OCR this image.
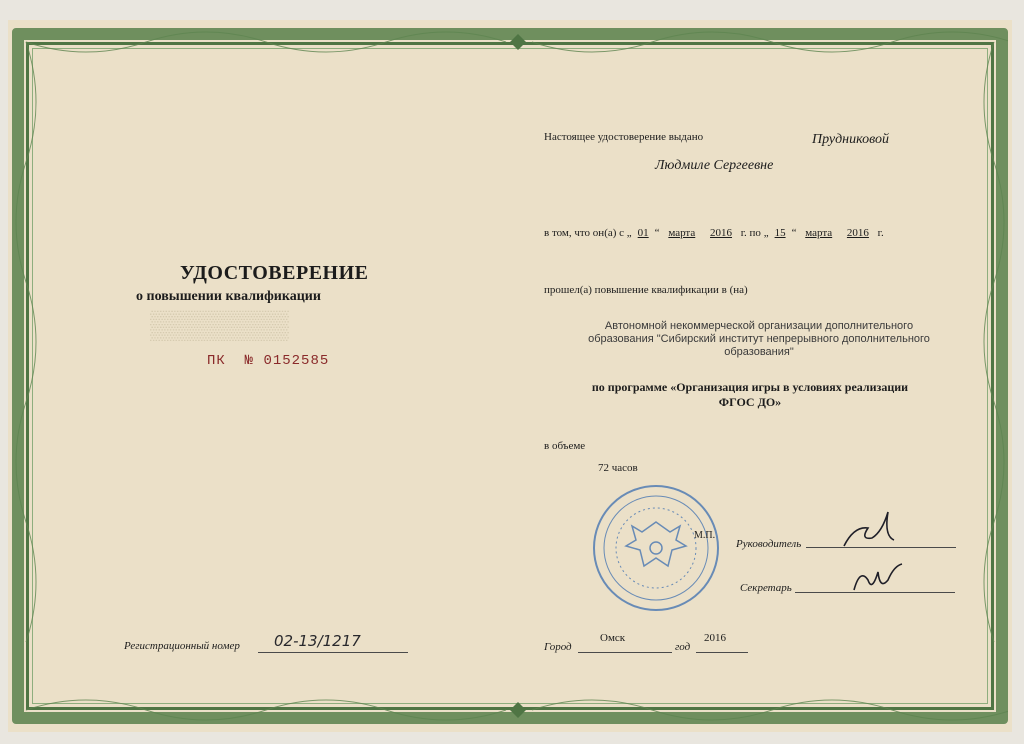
▒▒▒▒▒▒▒
УДОСТОВЕРЕНИЕ
о повышении квалификации
ПК № 0152585
Регистрационный номер 02-13/1217
Настоящее удостоверение выдано	Прудниковой
Людмиле Сергеевне
в том, что он(а) с „ 01 “ марта 2016 г. по „ 15 “ марта 2016 г.
прошел(а) повышение квалификации в (на)
Автономной некоммерческой организации дополнительного образования "Сибирский институт непрерывного дополнительного образования"
по программе «Организация игры в условиях реализации ФГОС ДО»
в объеме
72 часов
М.П.
Руководитель
Секретарь
Город
Омск
год
2016
